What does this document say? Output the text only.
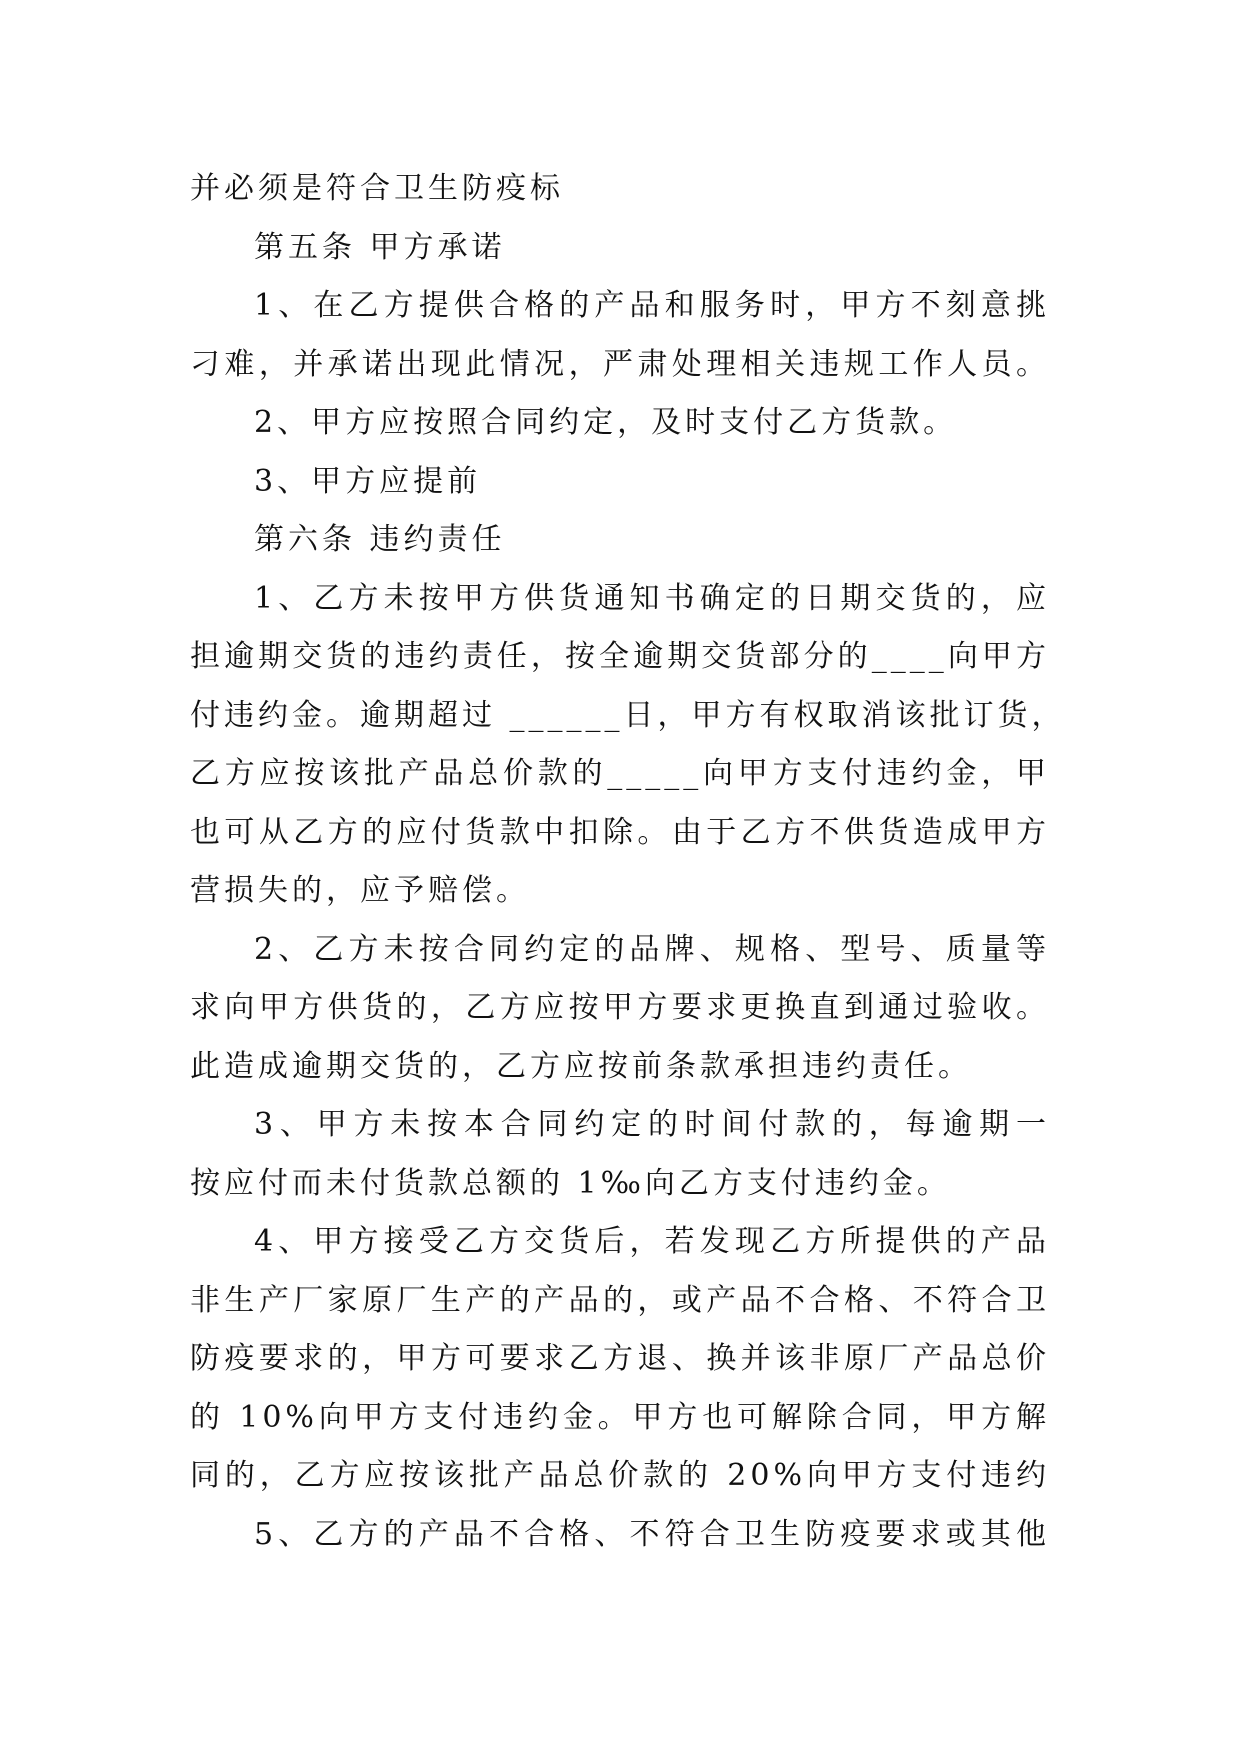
并必须是符合卫生防疫标
第五条 甲方承诺
1、在乙方提供合格的产品和服务时，甲方不刻意挑
刁难，并承诺出现此情况，严肃处理相关违规工作人员。
2、甲方应按照合同约定，及时支付乙方货款。
3、甲方应提前
第六条 违约责任
1、乙方未按甲方供货通知书确定的日期交货的，应
担逾期交货的违约责任，按全逾期交货部分的____向甲方
付违约金。逾期超过 ______日，甲方有权取消该批订货，
乙方应按该批产品总价款的_____向甲方支付违约金，甲
也可从乙方的应付货款中扣除。由于乙方不供货造成甲方
营损失的，应予赔偿。
2、乙方未按合同约定的品牌、规格、型号、质量等
求向甲方供货的，乙方应按甲方要求更换直到通过验收。
此造成逾期交货的，乙方应按前条款承担违约责任。
3、甲方未按本合同约定的时间付款的，每逾期一
按应付而未付货款总额的 1‰向乙方支付违约金。
4、甲方接受乙方交货后，若发现乙方所提供的产品
非生产厂家原厂生产的产品的，或产品不合格、不符合卫
防疫要求的，甲方可要求乙方退、换并该非原厂产品总价
的 10%向甲方支付违约金。甲方也可解除合同，甲方解
同的，乙方应按该批产品总价款的 20%向甲方支付违约
5、乙方的产品不合格、不符合卫生防疫要求或其他
